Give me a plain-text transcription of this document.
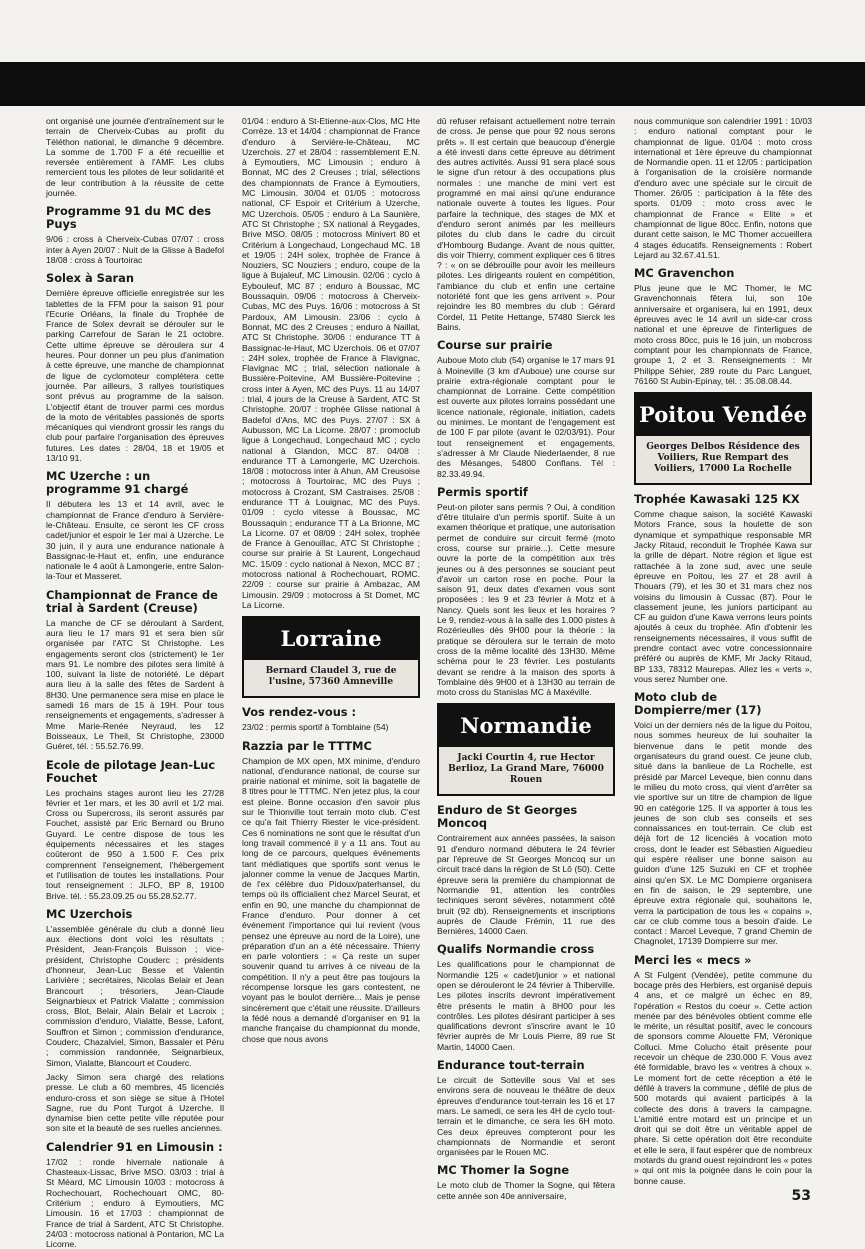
ont organisé une journée d'entraînement sur le terrain de Cherveix-Cubas au profit du Téléthon national, le dimanche 9 décembre. La somme de 1.700 F a été recueillie et reversée entièrement à l'AMF. Les clubs remercient tous les pilotes de leur solidarité et de leur contribution à la réussite de cette journée.

Programme 91 du MC des Puys

9/06 : cross à Cherveix-Cubas 07/07 : cross inter à Ayen 20/07 : Nuit de la Glisse à Badefol 18/08 : cross à Tourtoirac

Solex à Saran

Dernière épreuve officielle enregistrée sur les tablettes de la FFM pour la saison 91 pour l'Ecurie Orléans, la finale du Trophée de France de Solex devrait se dérouler sur le parking Carrefour de Saran le 21 octobre. Cette ultime épreuve se déroulera sur 4 heures. Pour donner un peu plus d'animation à cette épreuve, une manche de championnat de ligue de cyclomoteur complétera cette journée. Par ailleurs, 3 rallyes touristiques sont prévus au programme de la saison. L'objectif étant de trouver parmi ces mordus de la moto de véritables passionés de sports mécaniques qui viendront grossir les rangs du club pour parfaire l'organisation des épreuves futures. Les dates : 28/04, 18 et 19/05 et 13/10 91.

MC Uzerche : un programme 91 chargé

Il débutera les 13 et 14 avril, avec le championnat de France d'enduro à Servière-le-Château. Ensuite, ce seront les CF cross cadet/junior et espoir le 1er mai à Uzerche. Le 30 juin, il y aura une endurance nationale à Bassignac-le-Haut et, enfin, une endurance nationale le 4 août à Lamongerie, entre Salon-la-Tour et Masseret.

Championnat de France de trial à Sardent (Creuse)

La manche de CF se déroulant à Sardent, aura lieu le 17 mars 91 et sera bien sûr organisée par l'ATC St Christophe. Les engagements seront clos (strictement) le 1er mars 91. Le nombre des pilotes sera limité à 100, suivant la liste de notoriété. Le départ aura lieu à la salle des fêtes de Sardent à 8H30. Une permanence sera mise en place le samedi 16 mars de 15 à 19H. Pour tous renseignements et engagements, s'adresser à Mme Marie-Renée Neyraud, les 12 Boisseaux, Le Theil, St Christophe, 23000 Guéret, tél. : 55.52.76.99.

Ecole de pilotage Jean-Luc Fouchet

Les prochains stages auront lieu les 27/28 février et 1er mars, et les 30 avril et 1/2 mai. Cross ou Supercross, ils seront assurés par Fouchet, assisté par Eric Bernard ou Bruno Guyard. Le centre dispose de tous les équipements nécessaires et les stages coûteront de 950 à 1.500 F. Ces prix comprennent l'enseignement, l'hébergement et l'utilisation de toutes les installations. Pour tout renseignement : JLFO, BP 8, 19100 Brive. tél. : 55.23.09.25 ou 55.28.52.77.

MC Uzerchois

L'assemblée générale du club a donné lieu aux élections dont voici les résultats : Président, Jean-François Buisson ; vice-président, Christophe Couderc ; présidents d'honneur, Jean-Luc Besse et Valentin Larivière ; secrétaires, Nicolas Belair et Jean Brancourt ; trésoriers, Jean-Claude Seignarbieux et Patrick Vialatte ; commission cross, Blot, Belair, Alain Belair et Lacroix ; commission d'enduro, Vialatte, Besse, Lafont, Souffron et Simon ; commission d'endurance, Couderc, Chazalviel, Simon, Bassaler et Péru ; commission randonnée, Seignarbieux, Simon, Vialatte, Blancourt et Couderc.

Jacky Simon sera chargé des relations presse. Le club a 60 membres, 45 licenciés enduro-cross et son siège se situe à l'Hotel Sagne, rue du Pont Turgot à Uzerche. Il dynamise bien cette petite ville réputée pour son site et la beauté de ses ruelles anciennes.

Calendrier 91 en Limousin :

17/02 : ronde hivernale nationale à Chasteaux-Lissac, Brive MSO. 03/03 : trial à St Méard, MC Limousin 10/03 : motocross à Rochechouart, Rochechouart OMC, 80-Critérium ; enduro à Eymoutiers, MC Limousin. 16 et 17/03 : championnat de France de trial à Sardent, ATC St Christophe. 24/03 : motocross national à Pontarion, MC La Licorne.

01/04 : enduro à St-Etienne-aux-Clos, MC Hte Corrèze. 13 et 14/04 : championnat de France d'enduro à Servière-le-Château, MC Uzerchois. 27 et 28/04 : rassemblement E.N. à Eymoutiers, MC Limousin ; enduro à Bonnat, MC des 2 Creuses ; trial, sélections des championnats de France à Eymoutiers, MC Limousin. 30/04 et 01/05 : motocross national, CF Espoir et Critérium à Uzerche, MC Uzerchois. 05/05 : enduro à La Saunière, ATC St Christophe ; SX national à Reygades, Brive MSO. 08/05 : motocross Minivert 80 et Critérium à Longechaud, Longechaud MC. 18 et 19/05 : 24H solex, trophée de France à Nouziers, SC Nouziers ; enduro, coupe de la ligue à Bujaleuf, MC Limousin. 02/06 : cyclo à Eybouleuf, MC 87 ; enduro à Boussac, MC Boussaquin. 09/06 : motocross à Cherveix-Cubas, MC des Puys. 16/06 : motocross à St Pardoux, AM Limousin. 23/06 : cyclo à Bonnat, MC des 2 Creuses ; enduro à Naillat, ATC St Christophe. 30/06 : endurance TT à Bassignac-le-Haut, MC Uzerchois. 06 et 07/07 : 24H solex, trophée de France à Flavignac, Flavignac MC ; trial, sélection nationale à Bussière-Poitevine, AM Bussière-Poitevine ; cross inter à Ayen, MC des Puys. 11 au 14/07 : trial, 4 jours de la Creuse à Sardent, ATC St Christophe. 20/07 : trophée Glisse national à Badefol d'Ans, MC des Puys. 27/07 : SX à Aubusson, MC La Licorne. 28/07 : promoclub ligue à Longechaud, Longechaud MC ; cyclo national à Glandon, MCC 87. 04/08 : endurance TT à Lamongerie, MC Uzerchois. 18/08 : motocross inter à Ahun, AM Creusoise ; motocross à Tourtoirac, MC des Puys ; motocross à Crozant, SM Castraises. 25/08 : endurance TT à Louignac, MC des Puys. 01/09 : cyclo vitesse à Boussac, MC Boussaquin ; endurance TT à La Brionne, MC La Licorne. 07 et 08/09 : 24H solex, trophée de France à Genouillac, ATC St Christophe ; course sur prairie à St Laurent, Longechaud MC. 15/09 : cyclo national à Nexon, MCC 87 ; motocross national à Rochechouart, ROMC. 22/09 : course sur prairie à Ambazac, AM Limousin. 29/09 : motocross à St Domet, MC La Licorne.

Lorraine
Bernard Claudel 3, rue de l'usine, 57360 Amneville
Vos rendez-vous :

23/02 : permis sportif à Tomblaine (54)

Razzia par le TTTMC

Champion de MX open, MX minime, d'enduro national, d'endurance national, de course sur prairie national et minime, soit la bagatelle de 8 titres pour le TTTMC. N'en jetez plus, la cour est pleine. Bonne occasion d'en savoir plus sur le Thionville tout terrain moto club. C'est ce qu'a fait Thierry Riester le vice-président. Ces 6 nominations ne sont que le résultat d'un long travail commencé il y a 11 ans. Tout au long de ce parcours, quelques événements tant médiatiques que sportifs sont venus le jalonner comme la venue de Jacques Martin, de l'ex célèbre duo Pidoux/paterhansel, du temps où ils officialient chez Marcel Seurat, et enfin en 90, une manche du championnat de France d'enduro. Pour donner à cet événement l'importance qui lui revient (vous pensez une épreuve au nord de la Loire), une préparation d'un an a été nécessaire. Thierry en parle volontiers : « Ça reste un super souvenir quand tu arrives à ce niveau de la compétition. Il n'y a peut être pas toujours la récompense lorsque les gars contestent, ne voyant pas le boulot derrière... Mais je pense sincèrement que c'était une réussite. D'ailleurs la fédé nous a demandé d'organiser en 91 la manche française du championnat du monde, chose que nous avons

dû refuser refaisant actuellement notre terrain de cross. Je pense que pour 92 nous serons prêts ». Il est certain que beaucoup d'énergie a été investi dans cette épreuve au détriment des autres activités. Aussi 91 sera placé sous le signe d'un retour à des occupations plus normales : une manche de mini vert est programmé en mai ainsi qu'une endurance nationale ouverte à toutes les ligues. Pour parfaire la technique, des stages de MX et d'enduro seront animés par les meilleurs pilotes du club dans le cadre du circuit d'Hombourg Budange. Avant de nous quitter, dis voir Thierry, comment expliquer ces 6 titres ? : « on se débrouille pour avoir les meilleurs pilotes. Les dirigeants roulent en compétition, l'ambiance du club et enfin une certaine notoriété font que les gens arrivent ». Pour rejoindre les 80 membres du club : Gérard Cordel, 11 Petite Hettange, 57480 Sierck les Bains.

Course sur prairie

Auboue Moto club (54) organise le 17 mars 91 à Moineville (3 km d'Auboue) une course sur prairie extra-régionale comptant pour le championnat de Lorraine. Cette compétition est ouverte aux pilotes lorrains possédant une licence nationale, régionale, initiation, cadets ou minimes. Le montant de l'engagement est de 100 F par pilote (avant le 02/03/91). Pour tout renseignement et engagements, s'adresser à Mr Claude Niederlaender, 8 rue des Mésanges, 54800 Conflans. Tél : 82.33.49.94.

Permis sportif

Peut-on piloter sans permis ? Oui, à condition d'être titulaire d'un permis sportif. Suite à un examen théorique et pratique, une autorisation permet de conduire sur circuit fermé (moto cross, course sur prairie...). Cette mesure ouvre la porte de la compétition aux très jeunes ou à des personnes se souciant peut d'avoir un carton rose en poche. Pour la saison 91, deux dates d'examen vous sont proposées : les 9 et 23 février à Motz et à Nancy. Quels sont les lieux et les horaires ? Le 9, rendez-vous à la salle des 1.000 pistes à Rozérieulles dès 9H00 pour la théorie : la pratique se déroulera sur le terrain de moto cross de la même localité dès 13H30. Même schéma pour le 23 février. Les postulants devant se rendre à la maison des sports à Tomblaine dès 9H00 et à 13H30 au terrain de moto cross du Stanislas MC à Maxéville.

Normandie
Jacki Courtin 4, rue Hector Berlioz, La Grand Mare, 76000 Rouen
Enduro de St Georges Moncoq

Contrairement aux années passées, la saison 91 d'enduro normand débutera le 24 février par l'épreuve de St Georges Moncoq sur un circuit tracé dans la région de St Lô (50). Cette épreuve sera la première du championnat de Normandie 91, attention les contrôles techniques seront sévères, notamment côté bruit (92 db). Renseignements et inscriptions auprès de Claude Frémin, 11 rue des Berniéres, 14000 Caen.

Qualifs Normandie cross

Les qualifications pour le championnat de Normandie 125 « cadet/junior » et national open se dérouleront le 24 février à Thiberville. Les pilotes inscrits devront impérativement être présents le matin à 8H00 pour les contrôles. Les pilotes désirant participer à ses qualifications devront s'inscrire avant le 10 février auprès de Mr Louis Pierre, 89 rue St Martin, 14000 Caen.

Endurance tout-terrain

Le circuit de Sotteville sous Val et ses environs sera de nouveau le théâtre de deux épreuves d'endurance tout-terrain les 16 et 17 mars. Le samedi, ce sera les 4H de cyclo tout-terrain et le dimanche, ce sera les 6H moto. Ces deux épreuves compteront pour les championnats de Normandie et seront organisées par le Rouen MC.

MC Thomer la Sogne

Le moto club de Thomer la Sogne, qui fêtera cette année son 40e anniversaire,

nous communique son calendrier 1991 : 10/03 : enduro national comptant pour le championnat de ligue. 01/04 : moto cross international et 1ère épreuve du championnat de Normandie open. 11 et 12/05 : participation à l'organisation de la croisière normande d'enduro avec une spéciale sur le circuit de Thomer. 26/05 : participation à la fête des sports. 01/09 : moto cross avec le championnat de France « Elite » et championnat de ligue 80cc. Enfin, notons que durant cette saison, le MC Thomer accueillera 4 stages éducatifs. Renseignements : Robert Lejard au 32.67.41.51.

MC Gravenchon

Plus jeune que le MC Thomer, le MC Gravenchonnais fêtera lui, son 10e anniversaire et organisera, lui en 1991, deux épreuves avec le 14 avril un side-car cross national et une épreuve de l'interligues de moto cross 80cc, puis le 16 juin, un mobcross comptant pour les championnats de France, groupe 1, 2 et 3. Renseignements : Mr Philippe Séhier, 289 route du Parc Languet, 76160 St Aubin-Epinay, tél. : 35.08.08.44.

Poitou Vendée
Georges Delbos Résidence des Voiliers, Rue Rempart des Voiliers, 17000 La Rochelle
Trophée Kawasaki 125 KX

Comme chaque saison, la société Kawaski Motors France, sous la houlette de son dynamique et sympathique responsable MR Jacky Ritaud, reconduit le Trophée Kawa sur la grille de départ. Notre région et ligue est rattachée à la zone sud, avec une seule épreuve en Poitou, les 27 et 28 avril à Thouars (79), et les 30 et 31 mars chez nos voisins du limousin à Cussac (87). Pour le classement jeune, les juniors participant au CF au guidon d'une Kawa verrons leurs points ajoutés à ceux du trophée. Afin d'obtenir les renseignements nécessaires, il vous suffit de prendre contact avec votre concessionnaire préféré ou auprès de KMF, Mr Jacky Ritaud, BP 133, 78312 Maurepas. Allez les « verts », vous serez Number one.

Moto club de Dompierre/mer (17)

Voici un der derniers nés de la ligue du Poitou, nous sommes heureux de lui souhaiter la bienvenue dans le petit monde des organisateurs du grand ouest. Ce jeune club, situé dans la banlieue de La Rochelle, est présidé par Marcel Leveque, bien connu dans le milieu du moto cross, qui vient d'arrêter sa vie sportive sur un titre de champion de ligue 90 en catégorie 125. Il va apporter à tous les jeunes de son club ses conseils et ses connaissances en tout-terrain. Ce club est déjà fort de 12 licenciés à vocation moto cross, dont le leader est Sébastien Aiguedieu qui espère réaliser une bonne saison au guidon d'une 125 Suzuki en CF et trophée ainsi qu'en SX. Le MC Dompierre organisera en fin de saison, le 29 septembre, une épreuve extra régionale qui, souhaitons le, verra la participation de tous les « copains », car ce club comme tous a besoin d'aide. Le contact : Marcel Leveque, 7 grand Chemin de Chagnolet, 17139 Dompierre sur mer.

Merci les « mecs »

A St Fulgent (Vendée), petite commune du bocage près des Herbiers, est organisé depuis 4 ans, et ce malgré un échec en 89, l'opération « Restos du coeur ». Cette action menée par des bénévoles obtient comme elle le mérite, un résultat positif, avec le concours de sponsors comme Alouette FM, Véronique Colluci. Mme Colucho était présente pour recevoir un chèque de 230.000 F. Vous avez été formidable, bravo les « ventres à choux ». Le moment fort de cette réception a été le défilé à travers la commune , défilé de plus de 500 motards qui avaient participés à la collecte des dons à travers la campagne. L'amitié entre motard est un principe et un droit qui se doit être un véritable appel de phare. Si cette opération doit être reconduite et elle le sera, il faut espérer que de nombreux motards du grand ouest rejoindront les « potes » qui ont mis la poignée dans le coin pour la bonne cause.

53
